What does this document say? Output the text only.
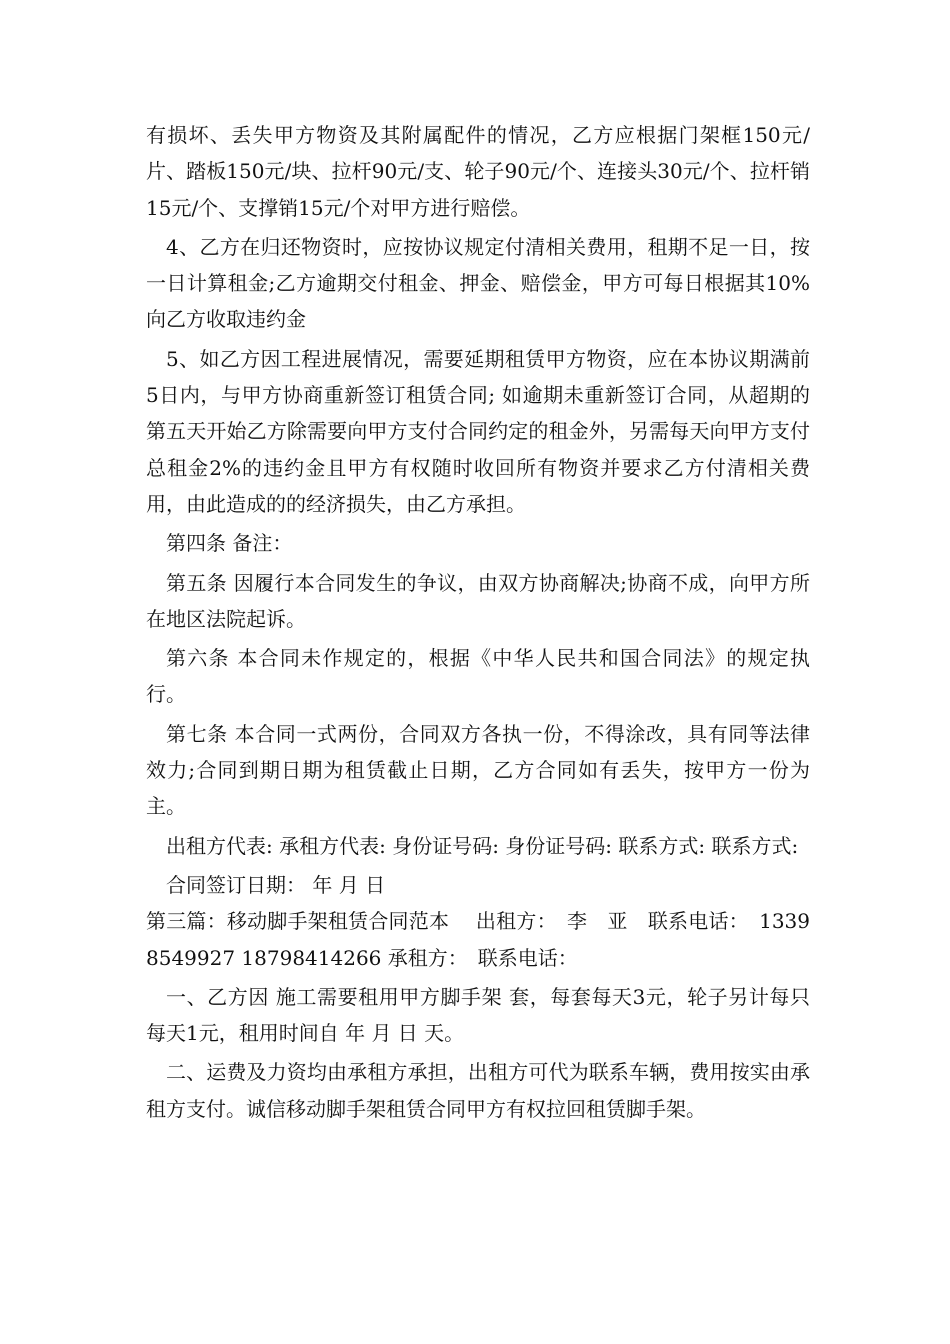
有损坏、丢失甲方物资及其附属配件的情况，乙方应根据门架框150元/片、踏板150元/块、拉杆90元/支、轮子90元/个、连接头30元/个、拉杆销15元/个、支撑销15元/个对甲方进行赔偿。

4、乙方在归还物资时，应按协议规定付清相关费用，租期不足一日，按一日计算租金;乙方逾期交付租金、押金、赔偿金，甲方可每日根据其10%向乙方收取违约金

5、如乙方因工程进展情况，需要延期租赁甲方物资，应在本协议期满前5日内，与甲方协商重新签订租赁合同; 如逾期未重新签订合同，从超期的第五天开始乙方除需要向甲方支付合同约定的租金外，另需每天向甲方支付总租金2%的违约金且甲方有权随时收回所有物资并要求乙方付清相关费用，由此造成的的经济损失，由乙方承担。

第四条 备注：

第五条 因履行本合同发生的争议，由双方协商解决;协商不成，向甲方所在地区法院起诉。

第六条 本合同未作规定的，根据《中华人民共和国合同法》的规定执行。

第七条 本合同一式两份，合同双方各执一份，不得涂改，具有同等法律效力;合同到期日期为租赁截止日期，乙方合同如有丢失，按甲方一份为主。

出租方代表: 承租方代表: 身份证号码: 身份证号码: 联系方式: 联系方式:

合同签订日期： 年 月 日

第三篇：移动脚手架租赁合同范本　 出租方：　李　亚　联系电话：　13398549927 18798414266 承租方：　联系电话：

一、乙方因 施工需要租用甲方脚手架 套，每套每天3元，轮子另计每只每天1元，租用时间自 年 月 日 天。

二、运费及力资均由承租方承担，出租方可代为联系车辆，费用按实由承租方支付。诚信移动脚手架租赁合同甲方有权拉回租赁脚手架。
